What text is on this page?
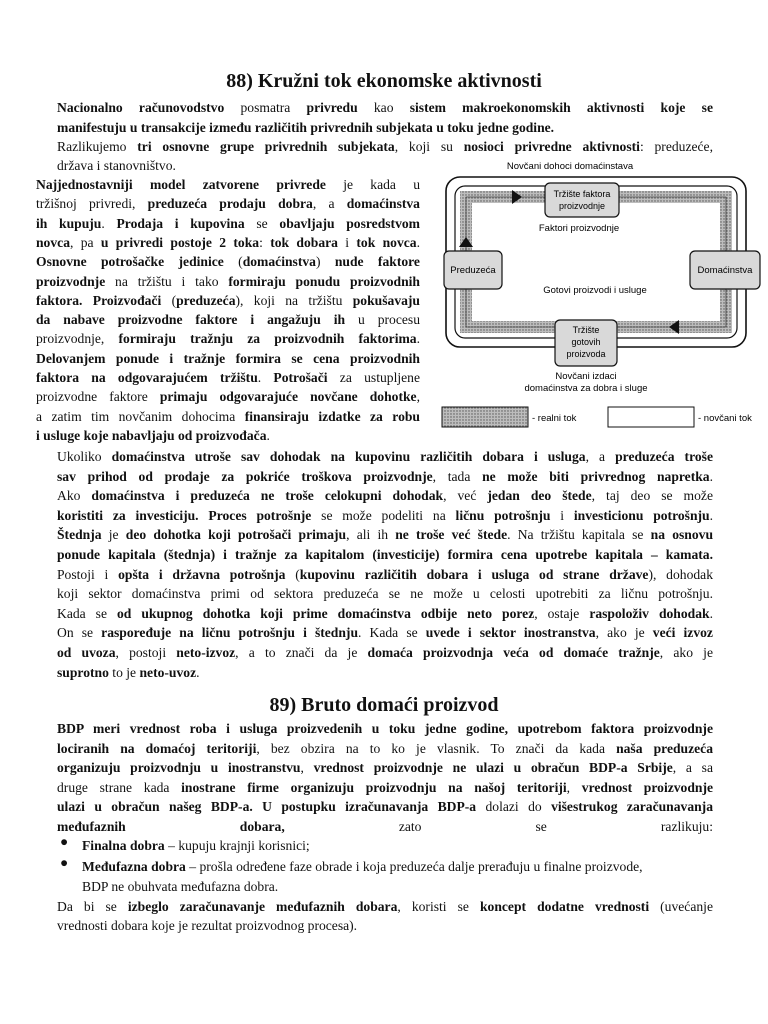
88) Kružni tok ekonomske aktivnosti
Nacionalno računovodstvo posmatra privredu kao sistem makroekonomskih aktivnosti koje se
manifestuju u transakcije između različitih privrednih subjekata u toku jedne godine.
Razlikujemo tri osnovne grupe privrednih subjekata, koji su nosioci privredne aktivnosti: preduzeće,
država i stanovništvo.
Najjednostavniji model zatvorene privrede je kada u
tržišnoj privredi, preduzeća prodaju dobra, a domaćinstva
ih kupuju. Prodaja i kupovina se obavljaju posredstvom
novca, pa u privredi postoje 2 toka: tok dobara i tok novca.
Osnovne potrošačke jedinice (domaćinstva) nude faktore
proizvodnje na tržištu i tako formiraju ponudu proizvodnih
faktora. Proizvođači (preduzeća), koji na tržištu pokušavaju
da nabave proizvodne faktore i angažuju ih u procesu
proizvodnje, formiraju tražnju za proizvodnih faktorima.
Delovanjem ponude i tražnje formira se cena proizvodnih
faktora na odgovarajućem tržištu. Potrošači za ustupljene
proizvodne faktore primaju odgovarajuće novčane dohotke,
a zatim tim novčanim dohocima finansiraju izdatke za robu
i usluge koje nabavljaju od proizvođača.
Novčani dohoci domaćinstava
Tržište faktora
proizvodnje
Faktori proizvodnje
Preduzeća	Domaćinstva
Gotovi proizvodi i usluge
Tržište
gotovih
proizvoda
Novčani izdaci
domaćinstva za dobra i sluge
- realni tok	- novčani tok
Ukoliko domaćinstva utroše sav dohodak na kupovinu različitih dobara i usluga, a preduzeća troše
sav prihod od prodaje za pokriće troškova proizvodnje, tada ne može biti privrednog napretka.
Ako domaćinstva i preduzeća ne troše celokupni dohodak, već jedan deo štede, taj deo se može
koristiti za investiciju. Proces potrošnje se može podeliti na ličnu potrošnju i investicionu potrošnju.
Štednja je deo dohotka koji potrošači primaju, ali ih ne troše već štede. Na tržištu kapitala se na osnovu
ponude kapitala (štednja) i tražnje za kapitalom (investicije) formira cena upotrebe kapitala – kamata.
Postoji i opšta i državna potrošnja (kupovinu različitih dobara i usluga od strane države), dohodak
koji sektor domaćinstva primi od sektora preduzeća se ne može u celosti upotrebiti za ličnu potrošnju.
Kada se od ukupnog dohotka koji prime domaćinstva odbije neto porez, ostaje raspoloživ dohodak.
On se raspoređuje na ličnu potrošnju i štednju. Kada se uvede i sektor inostranstva, ako je veći izvoz
od uvoza, postoji neto-izvoz, a to znači da je domaća proizvodnja veća od domaće tražnje, ako je
suprotno to je neto-uvoz.
89) Bruto domaći proizvod
BDP meri vrednost roba i usluga proizvedenih u toku jedne godine, upotrebom faktora proizvodnje
lociranih na domaćoj teritoriji, bez obzira na to ko je vlasnik. To znači da kada naša preduzeća
organizuju proizvodnju u inostranstvu, vrednost proizvodnje ne ulazi u obračun BDP-a Srbije, a sa
druge strane kada inostrane firme organizuju proizvodnju na našoj teritoriji, vrednost proizvodnje
ulazi u obračun našeg BDP-a. U postupku izračunavanja BDP-a dolazi do višestrukog zaračunavanja
međufaznih dobara, zato se razlikuju:
● Finalna dobra – kupuju krajnji korisnici;
● Međufazna dobra – prošla određene faze obrade i koja preduzeća dalje prerađuju u finalne proizvode,
BDP ne obuhvata međufazna dobra.
Da bi se izbeglo zaračunavanje međufaznih dobara, koristi se koncept dodatne vrednosti (uvećanje
vrednosti dobara koje je rezultat proizvodnog procesa).
